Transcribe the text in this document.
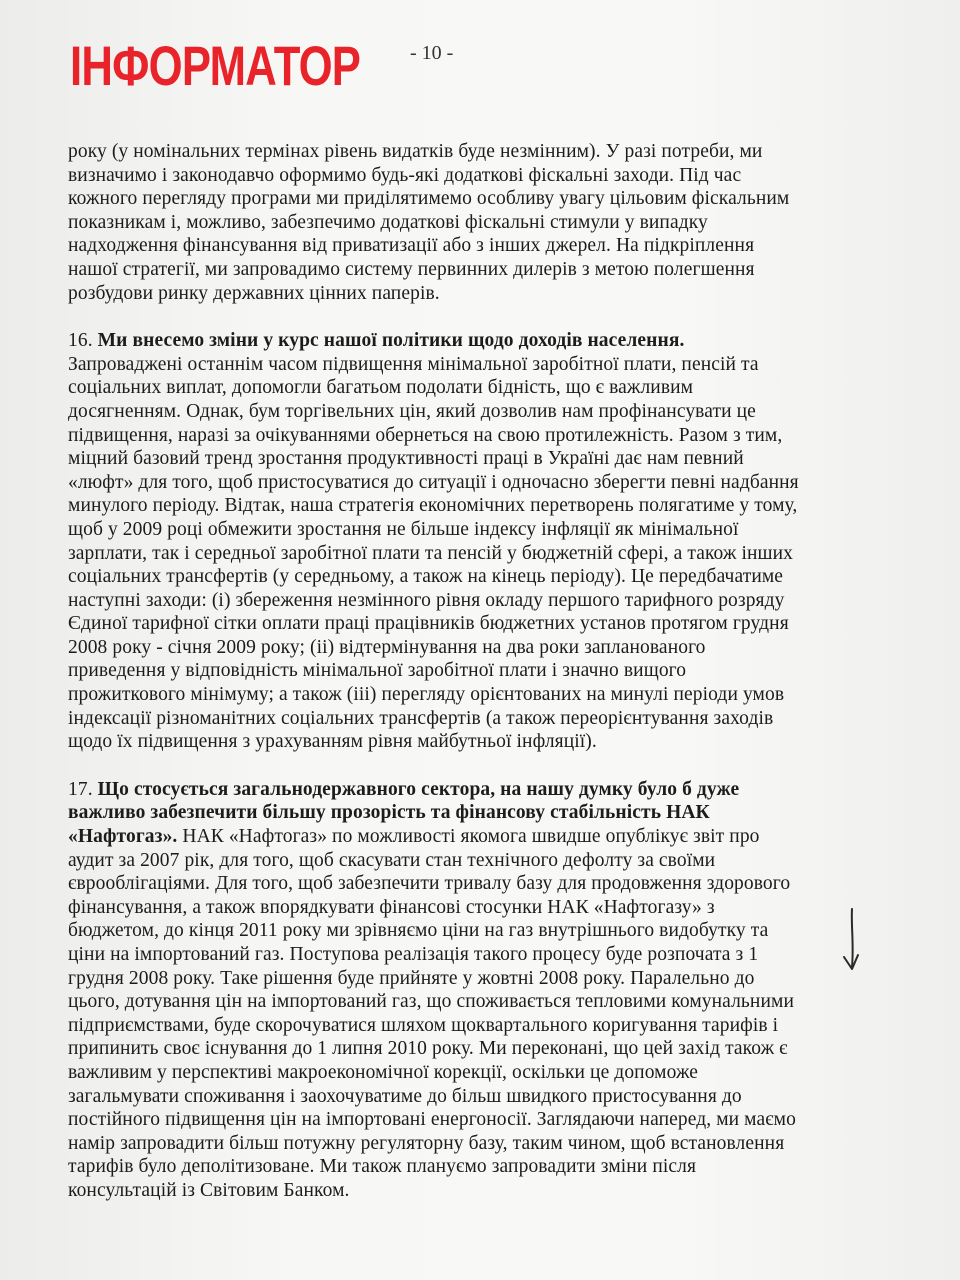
ІНФОРМАТОР - 10 -

року (у номінальних термінах рівень видатків буде незмінним). У разі потреби, ми
визначимо і законодавчо оформимо будь-які додаткові фіскальні заходи. Під час
кожного перегляду програми ми приділятимемо особливу увагу цільовим фіскальним
показникам і, можливо, забезпечимо додаткові фіскальні стимули у випадку
надходження фінансування від приватизації або з інших джерел. На підкріплення
нашої стратегії, ми запровадимо систему первинних дилерів з метою полегшення
розбудови ринку державних цінних паперів.

16. Ми внесемо зміни у курс нашої політики щодо доходів населення.
Запроваджені останнім часом підвищення мінімальної заробітної плати, пенсій та
соціальних виплат, допомогли багатьом подолати бідність, що є важливим
досягненням. Однак, бум торгівельних цін, який дозволив нам профінансувати це
підвищення, наразі за очікуваннями обернеться на свою протилежність. Разом з тим,
міцний базовий тренд зростання продуктивності праці в Україні дає нам певний
«люфт» для того, щоб пристосуватися до ситуації і одночасно зберегти певні надбання
минулого періоду. Відтак, наша стратегія економічних перетворень полягатиме у тому,
щоб у 2009 році обмежити зростання не більше індексу інфляції як мінімальної
зарплати, так і середньої заробітної плати та пенсій у бюджетній сфері, а також інших
соціальних трансфертів (у середньому, а також на кінець періоду). Це передбачатиме
наступні заходи: (і) збереження незмінного рівня окладу першого тарифного розряду
Єдиної тарифної сітки оплати праці працівників бюджетних установ протягом грудня
2008 року - січня 2009 року; (іі) відтермінування на два роки запланованого
приведення у відповідність мінімальної заробітної плати і значно вищого
прожиткового мінімуму; а також (ііі) перегляду орієнтованих на минулі періоди умов
індексації різноманітних соціальних трансфертів (а також переорієнтування заходів
щодо їх підвищення з урахуванням рівня майбутньої інфляції).

17. Що стосується загальнодержавного сектора, на нашу думку було б дуже
важливо забезпечити більшу прозорість та фінансову стабільність НАК
«Нафтогаз». НАК «Нафтогаз» по можливості якомога швидше опублікує звіт про
аудит за 2007 рік, для того, щоб скасувати стан технічного дефолту за своїми
єврооблігаціями. Для того, щоб забезпечити тривалу базу для продовження здорового
фінансування, а також впорядкувати фінансові стосунки НАК «Нафтогазу» з
бюджетом, до кінця 2011 року ми зрівняємо ціни на газ внутрішнього видобутку та
ціни на імпортований газ. Поступова реалізація такого процесу буде розпочата з 1
грудня 2008 року. Таке рішення буде прийняте у жовтні 2008 року. Паралельно до
цього, дотування цін на імпортований газ, що споживається тепловими комунальними
підприємствами, буде скорочуватися шляхом щоквартального коригування тарифів і
припинить своє існування до 1 липня 2010 року. Ми переконані, що цей захід також є
важливим у перспективі макроекономічної корекції, оскільки це допоможе
загальмувати споживання і заохочуватиме до більш швидкого пристосування до
постійного підвищення цін на імпортовані енергоносії. Заглядаючи наперед, ми маємо
намір запровадити більш потужну регуляторну базу, таким чином, щоб встановлення
тарифів було деполітизоване. Ми також плануємо запровадити зміни після
консультацій із Світовим Банком.
